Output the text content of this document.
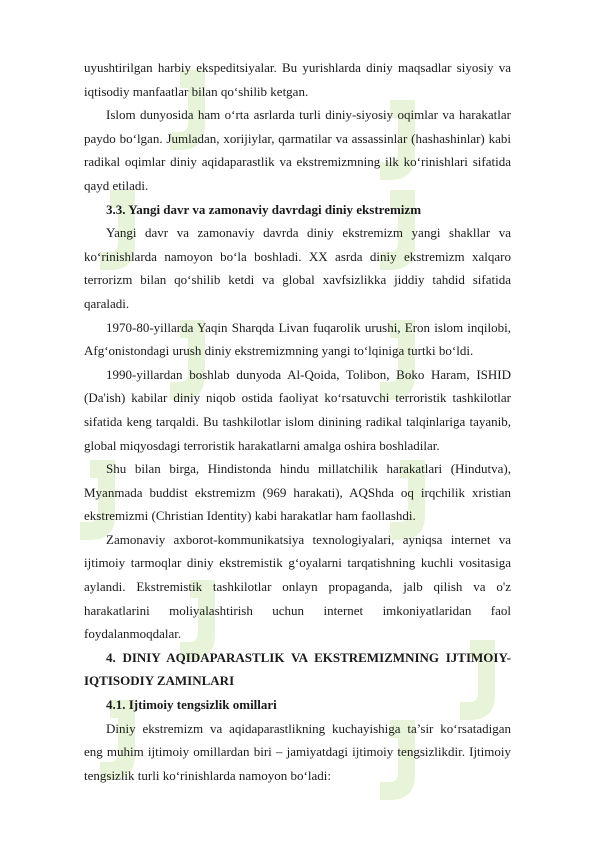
uyushtirilgan harbiy ekspeditsiyalar. Bu yurishlarda diniy maqsadlar siyosiy va iqtisodiy manfaatlar bilan qo‘shilib ketgan.

Islom dunyosida ham o‘rta asrlarda turli diniy-siyosiy oqimlar va harakatlar paydo bo‘lgan. Jumladan, xorijiylar, qarmatilar va assassinlar (hashashinlar) kabi radikal oqimlar diniy aqidaparastlik va ekstremizmning ilk ko‘rinishlari sifatida qayd etiladi.

3.3. Yangi davr va zamonaviy davrdagi diniy ekstremizm

Yangi davr va zamonaviy davrda diniy ekstremizm yangi shakllar va ko‘rinishlarda namoyon bo‘la boshladi. XX asrda diniy ekstremizm xalqaro terrorizm bilan qo‘shilib ketdi va global xavfsizlikka jiddiy tahdid sifatida qaraladi.

1970-80-yillarda Yaqin Sharqda Livan fuqarolik urushi, Eron islom inqilobi, Afg‘onistondagi urush diniy ekstremizmning yangi to‘lqiniga turtki bo‘ldi.

1990-yillardan boshlab dunyoda Al-Qoida, Tolibon, Boko Haram, ISHID (Da'ish) kabilar diniy niqob ostida faoliyat ko‘rsatuvchi terroristik tashkilotlar sifatida keng tarqaldi. Bu tashkilotlar islom dinining radikal talqinlariga tayanib, global miqyosdagi terroristik harakatlarni amalga oshira boshladilar.

Shu bilan birga, Hindistonda hindu millatchilik harakatlari (Hindutva), Myanmada buddist ekstremizm (969 harakati), AQShda oq irqchilik xristian ekstremizmi (Christian Identity) kabi harakatlar ham faollashdi.

Zamonaviy axborot-kommunikatsiya texnologiyalari, ayniqsa internet va ijtimoiy tarmoqlar diniy ekstremistik g‘oyalarni tarqatishning kuchli vositasiga aylandi. Ekstremistik tashkilotlar onlayn propaganda, jalb qilish va o'z harakatlarini moliyalashtirish uchun internet imkoniyatlaridan faol foydalanmoqdalar.

4. DINIY AQIDAPARASTLIK VA EKSTREMIZMNING IJTIMOIY-IQTISODIY ZAMINLARI

4.1. Ijtimoiy tengsizlik omillari

Diniy ekstremizm va aqidaparastlikning kuchayishiga ta’sir ko‘rsatadigan eng muhim ijtimoiy omillardan biri – jamiyatdagi ijtimoiy tengsizlikdir. Ijtimoiy tengsizlik turli ko‘rinishlarda namoyon bo‘ladi:
